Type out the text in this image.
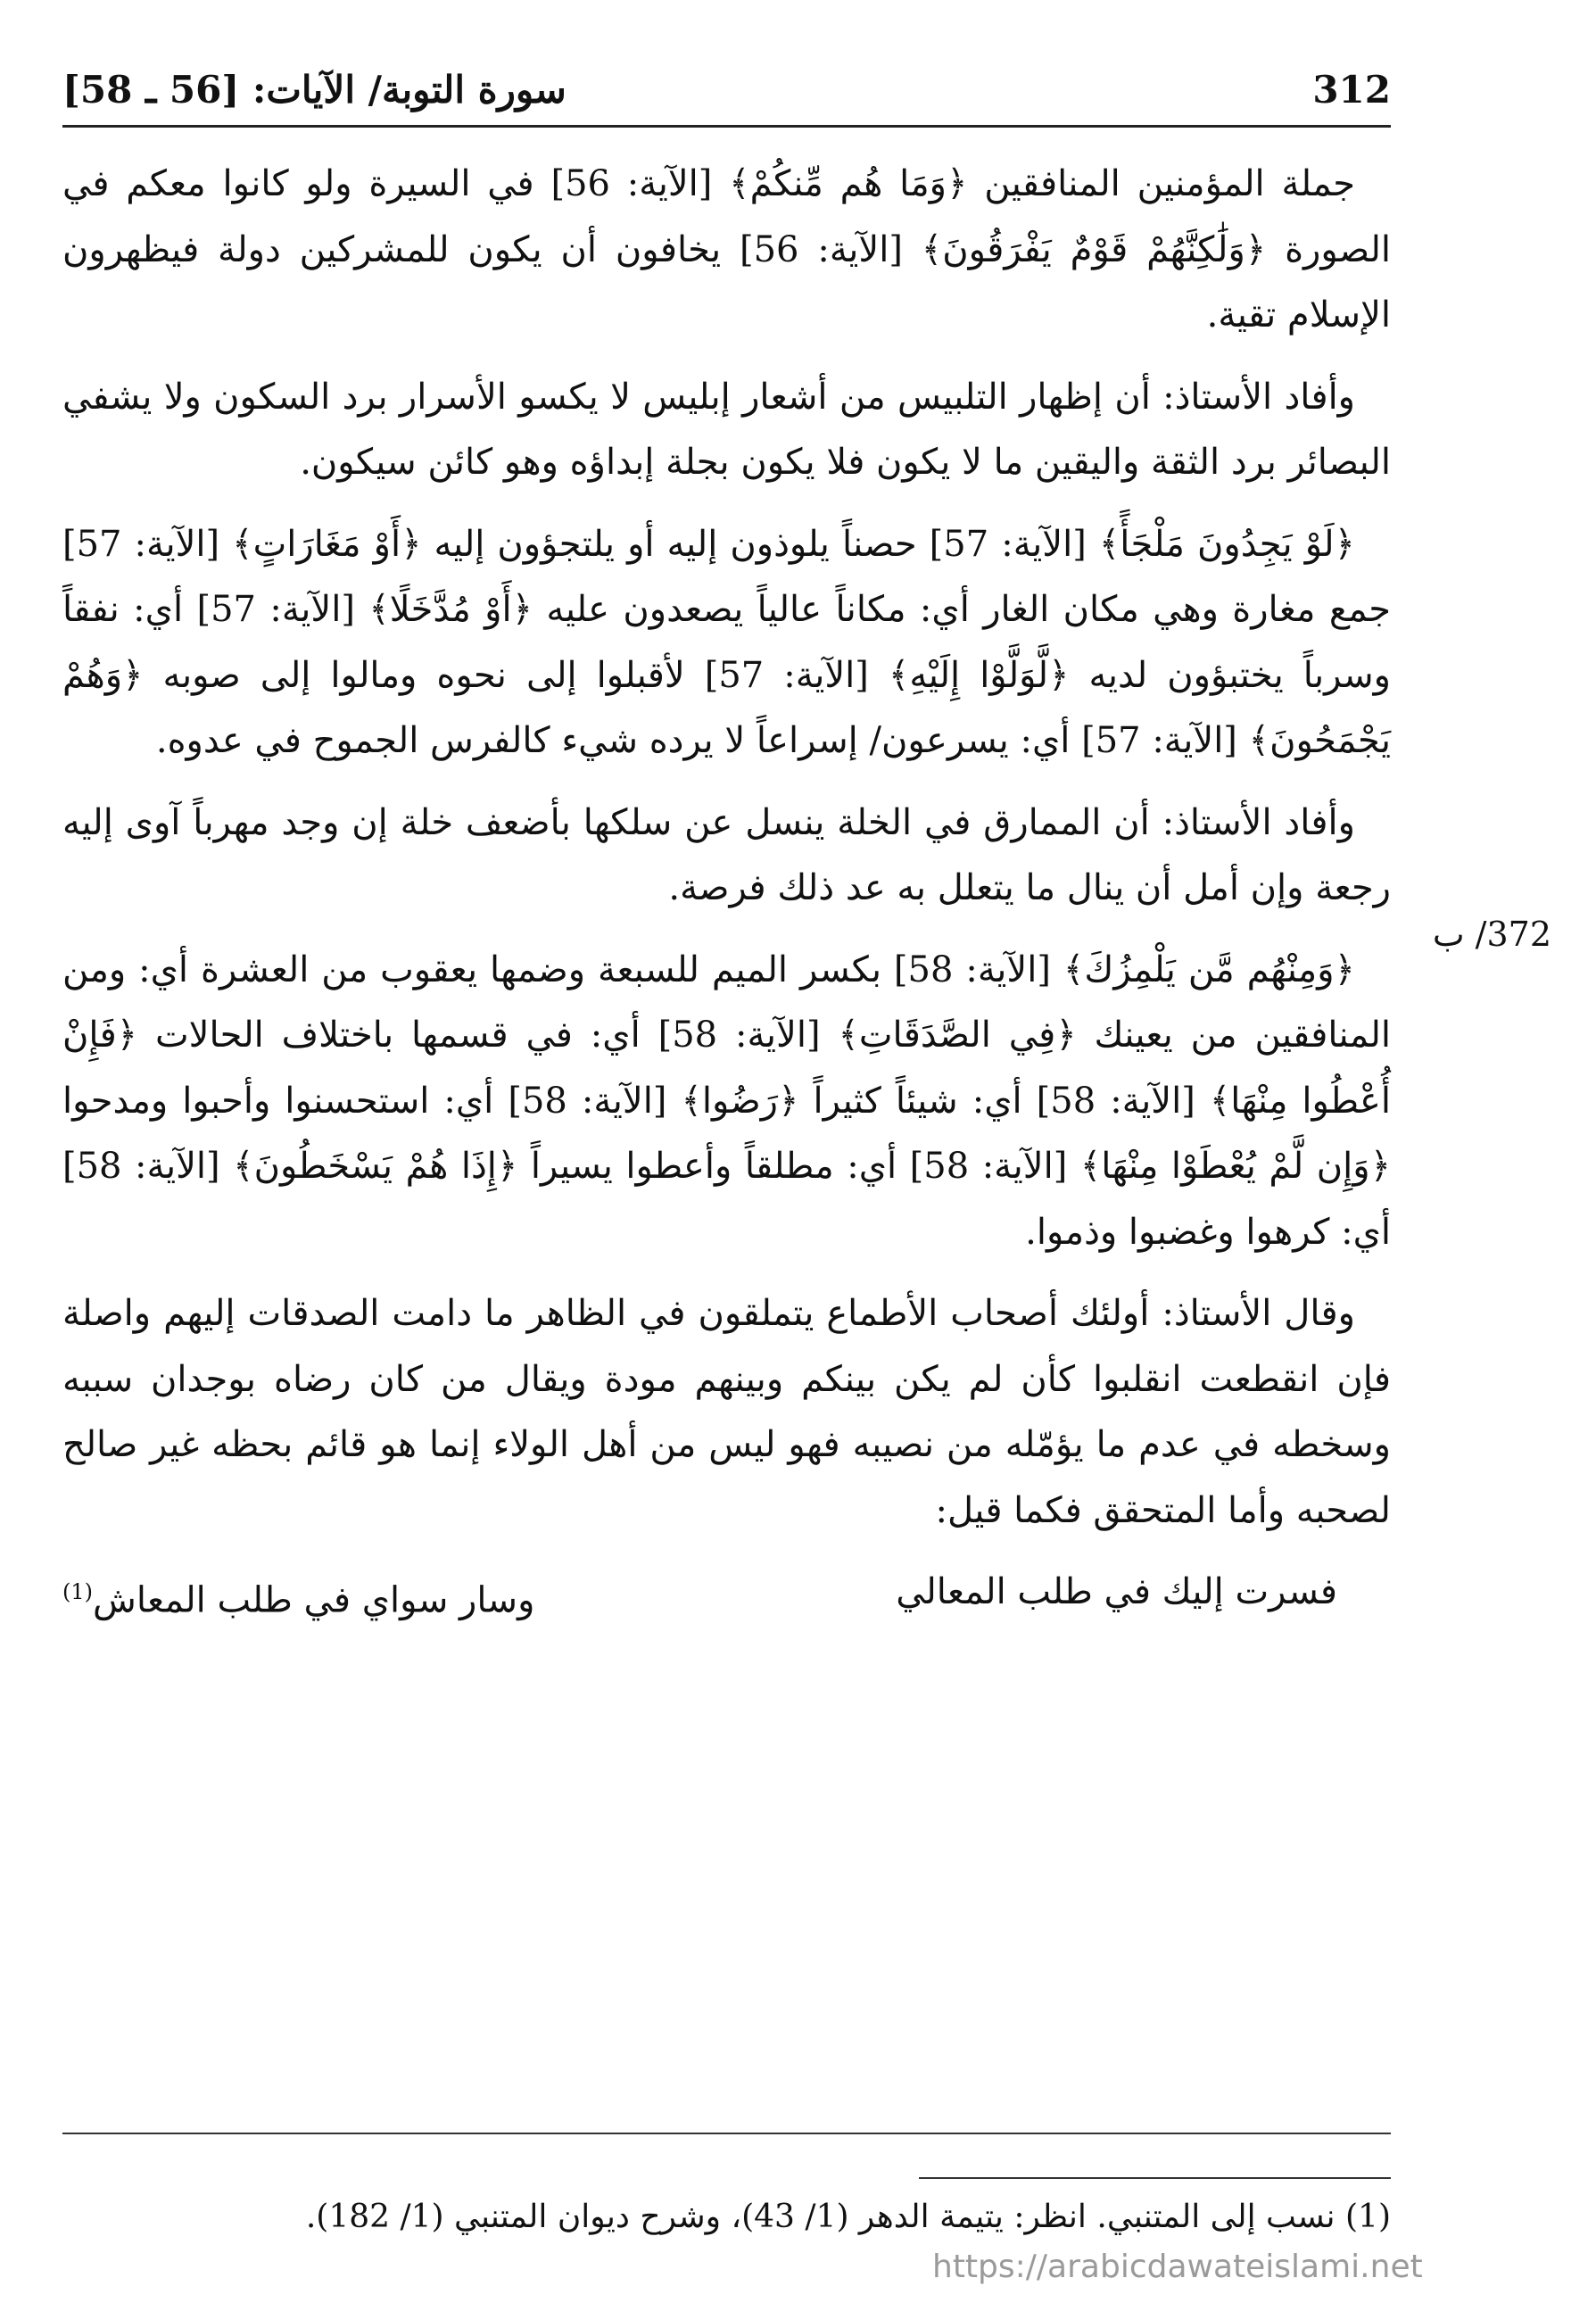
سورة التوبة/ الآيات: [56 ـ 58]	312
372/ ب

جملة المؤمنين المنافقين ﴿وَمَا هُم مِّنكُمْ﴾ [الآية: 56] في السيرة ولو كانوا معكم في الصورة ﴿وَلَٰكِنَّهُمْ قَوْمٌ يَفْرَقُونَ﴾ [الآية: 56] يخافون أن يكون للمشركين دولة فيظهرون الإسلام تقية.

وأفاد الأستاذ: أن إظهار التلبيس من أشعار إبليس لا يكسو الأسرار برد السكون ولا يشفي البصائر برد الثقة واليقين ما لا يكون فلا يكون بجلة إبداؤه وهو كائن سيكون.

﴿لَوْ يَجِدُونَ مَلْجَأً﴾ [الآية: 57] حصناً يلوذون إليه أو يلتجؤون إليه ﴿أَوْ مَغَارَاتٍ﴾ [الآية: 57] جمع مغارة وهي مكان الغار أي: مكاناً عالياً يصعدون عليه ﴿أَوْ مُدَّخَلًا﴾ [الآية: 57] أي: نفقاً وسرباً يختبؤون لديه ﴿لَّوَلَّوْا إِلَيْهِ﴾ [الآية: 57] لأقبلوا إلى نحوه ومالوا إلى صوبه ﴿وَهُمْ يَجْمَحُونَ﴾ [الآية: 57] أي: يسرعون/ إسراعاً لا يرده شيء كالفرس الجموح في عدوه.

وأفاد الأستاذ: أن الممارق في الخلة ينسل عن سلكها بأضعف خلة إن وجد مهرباً آوى إليه رجعة وإن أمل أن ينال ما يتعلل به عد ذلك فرصة.

﴿وَمِنْهُم مَّن يَلْمِزُكَ﴾ [الآية: 58] بكسر الميم للسبعة وضمها يعقوب من العشرة أي: ومن المنافقين من يعينك ﴿فِي الصَّدَقَاتِ﴾ [الآية: 58] أي: في قسمها باختلاف الحالات ﴿فَإِنْ أُعْطُوا مِنْهَا﴾ [الآية: 58] أي: شيئاً كثيراً ﴿رَضُوا﴾ [الآية: 58] أي: استحسنوا وأحبوا ومدحوا ﴿وَإِن لَّمْ يُعْطَوْا مِنْهَا﴾ [الآية: 58] أي: مطلقاً وأعطوا يسيراً ﴿إِذَا هُمْ يَسْخَطُونَ﴾ [الآية: 58] أي: كرهوا وغضبوا وذموا.

وقال الأستاذ: أولئك أصحاب الأطماع يتملقون في الظاهر ما دامت الصدقات إليهم واصلة فإن انقطعت انقلبوا كأن لم يكن بينكم وبينهم مودة ويقال من كان رضاه بوجدان سببه وسخطه في عدم ما يؤمّله من نصيبه فهو ليس من أهل الولاء إنما هو قائم بحظه غير صالح لصحبه وأما المتحقق فكما قيل:

فسرت إليك في طلب المعالي
وسار سواي في طلب المعاش$^{(1)}$
(1) نسب إلى المتنبي. انظر: يتيمة الدهر (1/ 43)، وشرح ديوان المتنبي (1/ 182).
https://arabicdawateislami.net
